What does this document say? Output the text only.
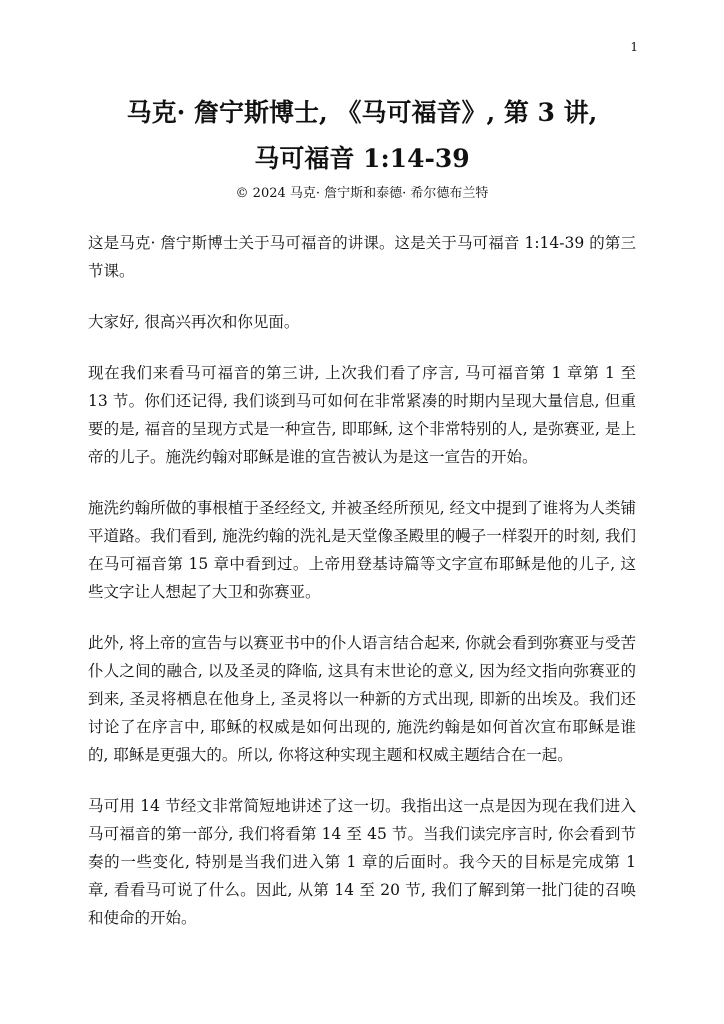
1
马克· 詹宁斯博士, 《马可福音》, 第 3 讲,
马可福音 1:14-39
© 2024 马克· 詹宁斯和泰德· 希尔德布兰特

这是马克· 詹宁斯博士关于马可福音的讲课。这是关于马可福音 1:14-39 的第三节课。

大家好, 很高兴再次和你见面。

现在我们来看马可福音的第三讲, 上次我们看了序言, 马可福音第 1 章第 1 至 13 节。你们还记得, 我们谈到马可如何在非常紧凑的时期内呈现大量信息, 但重要的是, 福音的呈现方式是一种宣告, 即耶稣, 这个非常特别的人, 是弥赛亚, 是上帝的儿子。施洗约翰对耶稣是谁的宣告被认为是这一宣告的开始。

施洗约翰所做的事根植于圣经经文, 并被圣经所预见, 经文中提到了谁将为人类铺平道路。我们看到, 施洗约翰的洗礼是天堂像圣殿里的幔子一样裂开的时刻, 我们在马可福音第 15 章中看到过。上帝用登基诗篇等文字宣布耶稣是他的儿子, 这些文字让人想起了大卫和弥赛亚。

此外, 将上帝的宣告与以赛亚书中的仆人语言结合起来, 你就会看到弥赛亚与受苦仆人之间的融合, 以及圣灵的降临, 这具有末世论的意义, 因为经文指向弥赛亚的到来, 圣灵将栖息在他身上, 圣灵将以一种新的方式出现, 即新的出埃及。我们还讨论了在序言中, 耶稣的权威是如何出现的, 施洗约翰是如何首次宣布耶稣是谁的, 耶稣是更强大的。所以, 你将这种实现主题和权威主题结合在一起。

马可用 14 节经文非常简短地讲述了这一切。我指出这一点是因为现在我们进入马可福音的第一部分, 我们将看第 14 至 45 节。当我们读完序言时, 你会看到节奏的一些变化, 特别是当我们进入第 1 章的后面时。我今天的目标是完成第 1 章, 看看马可说了什么。因此, 从第 14 至 20 节, 我们了解到第一批门徒的召唤和使命的开始。
